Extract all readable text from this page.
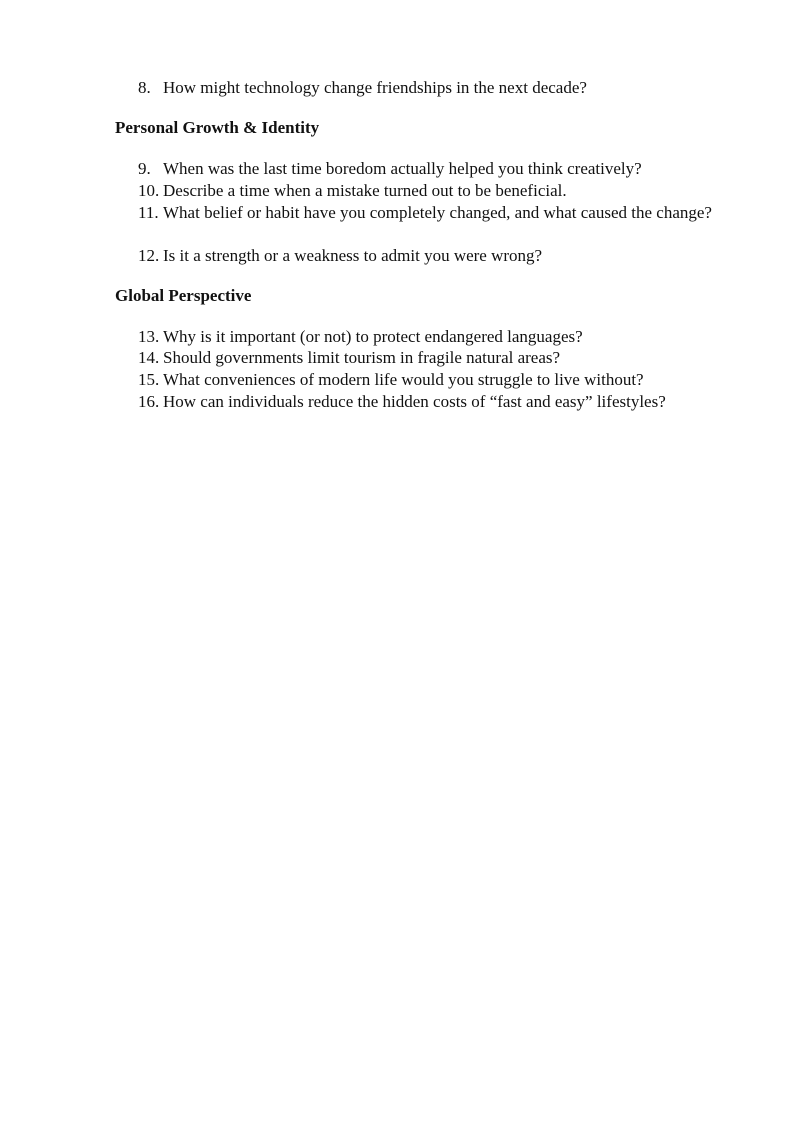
8. How might technology change friendships in the next decade?
Personal Growth & Identity
9. When was the last time boredom actually helped you think creatively?
10. Describe a time when a mistake turned out to be beneficial.
11. What belief or habit have you completely changed, and what caused the change?
12. Is it a strength or a weakness to admit you were wrong?
Global Perspective
13. Why is it important (or not) to protect endangered languages?
14. Should governments limit tourism in fragile natural areas?
15. What conveniences of modern life would you struggle to live without?
16. How can individuals reduce the hidden costs of “fast and easy” lifestyles?
